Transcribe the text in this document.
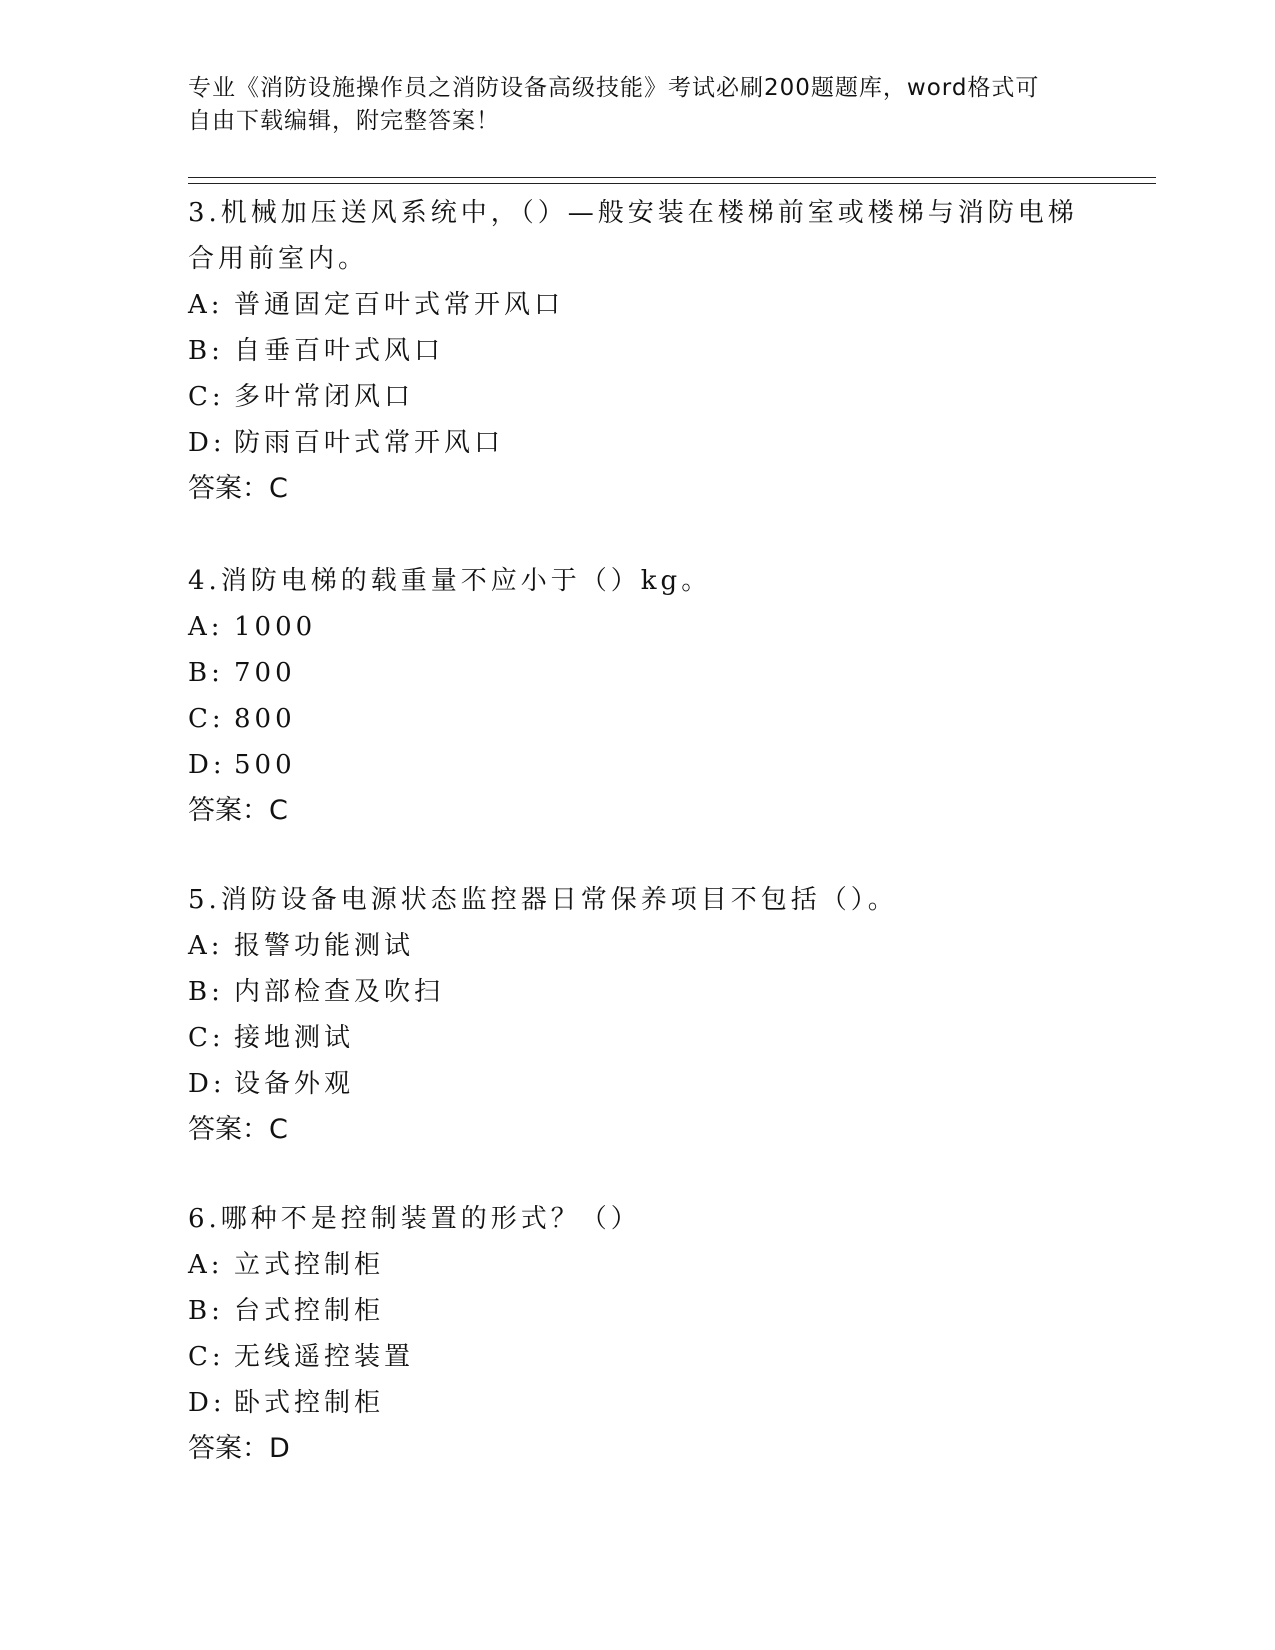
专业《消防设施操作员之消防设备高级技能》考试必刷200题题库，word格式可
自由下载编辑，附完整答案！
3.机械加压送风系统中，（）—般安装在楼梯前室或楼梯与消防电梯
合用前室内。
A: 普通固定百叶式常开风口
B: 自垂百叶式风口
C: 多叶常闭风口
D: 防雨百叶式常开风口
答案：C
4.消防电梯的载重量不应小于（）kg。
A: 1000
B: 700
C: 800
D: 500
答案：C
5.消防设备电源状态监控器日常保养项目不包括（）。
A: 报警功能测试
B: 内部检查及吹扫
C: 接地测试
D: 设备外观
答案：C
6.哪种不是控制装置的形式？（）
A: 立式控制柜
B: 台式控制柜
C: 无线遥控装置
D: 卧式控制柜
答案：D
